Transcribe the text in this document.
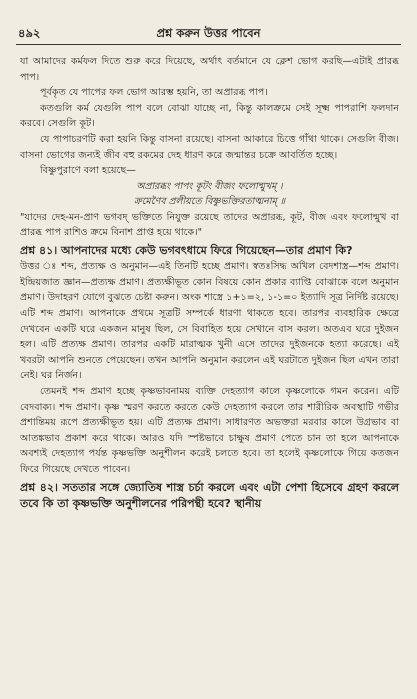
৪৯২	প্রশ্ন করুন উত্তর পাবেন

যা আমাদের কর্মফল দিতে শুরু করে দিয়েছে, অর্থাৎ বর্তমানে যে ক্লেশ ভোগ করছি—এটাই প্রারব্ধ পাপ।

পূর্বকৃত যে পাপের ফল ভোগ আরম্ভ হয়নি, তা অপ্রারব্ধ পাপ।

কতগুলি কর্ম যেগুলি পাপ বলে বোঝা যাচ্ছে না, কিন্তু কালক্রমে সেই সূক্ষ্ম পাপরাশি ফলদান করবে। সেগুলি কূট।

যে পাপাচরণটি করা হয়নি কিন্তু বাসনা রয়েছে। বাসনা আকারে চিত্তে গাঁথা থাকে। সেগুলি বীজ। বাসনা ভোগের জন্যই জীব বহু রকমের দেহ ধারণ করে জন্মান্তর চক্রে আবর্তিত হচ্ছে।

বিষ্ণুপুরাণে বলা হয়েছে—

অপ্রারব্ধং পাপং কূটং বীজং ফলোন্মুখম্ ।

ক্রমেণৈব প্রলীয়তে বিষ্ণুভক্তিরতাত্মনাম্ ॥

"যাদের দেহ-মন-প্রাণ ভগবদ্ ভক্তিতে নিযুক্ত রয়েছে তাদের অপ্রারব্ধ, কূট, বীজ এবং ফলোন্মুখ বা প্রারব্ধ পাপ রাশিও ক্রমে বিনাশ প্রাপ্ত হয়ে থাকে।"

প্রশ্ন ৪১। আপনাদের মধ্যে কেউ ভগবৎধামে ফিরে গিয়েছেন—তার প্রমাণ কি?

উত্তর ঃ শব্দ, প্রত্যক্ষ ও অনুমান—এই তিনটি হচ্ছে প্রমাণ। স্বতঃসিদ্ধ অখিল বেদশাস্ত্র—শব্দ প্রমাণ। ইন্দ্রিয়জাত জ্ঞান—প্রত্যক্ষ প্রমাণ। প্রত্যক্ষীভূত কোন বিষয়ে কোন প্রকার ব্যাপ্তি বোঝাকে বলে অনুমান প্রমাণ। উদাহরণ যোগে বুঝতে চেষ্টা করুন। অংক শাস্ত্রে ১+১=২, ১-১=০ ইত্যাদি সূত্র নির্দিষ্ট রয়েছে। এটি শব্দ প্রমাণ। আপনাকে প্রথমে সূত্রটি সম্পর্কে ধারণা থাকতে হবে। তারপর ব্যবহারিক ক্ষেত্রে দেখবেন একটি ঘরে একজন মানুষ ছিল, সে বিবাহিত হয়ে সেখানে বাস করল। অতএব ঘরে দুইজন হল। এটি প্রত্যক্ষ প্রমাণ। তারপর একটি মারাত্মক খুনী এসে তাদের দুইজনকে হত্যা করেছে। এই খবরটা আপনি শুনতে পেয়েছেন। তখন আপনি অনুমান করলেন এই ঘরটাতে দুইজন ছিল এখন তারা নেই। ঘর নির্জন।

তেমনই শব্দ প্রমাণ হচ্ছে কৃষ্ণভাবনাময় ব্যক্তি দেহত্যাগ কালে কৃষ্ণলোকে গমন করেন। এটি বেদবাক্য। শব্দ প্রমাণ। কৃষ্ণ স্মরণ করতে করতে কেউ দেহত্যাগ করলে তার শারীরিক অবস্থাটি গভীর প্রশান্তিময় রূপে প্রত্যক্ষীভূত হয়। এটি প্রত্যক্ষ প্রমাণ। সাধারণত অভক্তরা মরবার কালে উগ্রভাব বা আতঙ্কভাব প্রকাশ করে থাকে। আরও যদি স্পষ্টভাবে চাক্ষুষ প্রমাণ পেতে চান তা হলে আপনাকে অবশ্যই দেহত্যাগ পর্যন্ত কৃষ্ণভক্তি অনুশীলন করেই চলতে হবে। তা হলেই কৃষ্ণলোকে গিয়ে কতজন ফিরে গিয়েছে দেখতে পাবেন।

প্রশ্ন ৪২। সততার সঙ্গে জ্যোতিষ শাস্ত্র চর্চা করলে এবং এটা পেশা হিসেবে গ্রহণ করলে তবে কি তা কৃষ্ণভক্তি অনুশীলনের পরিপন্থী হবে? স্থানীয়
